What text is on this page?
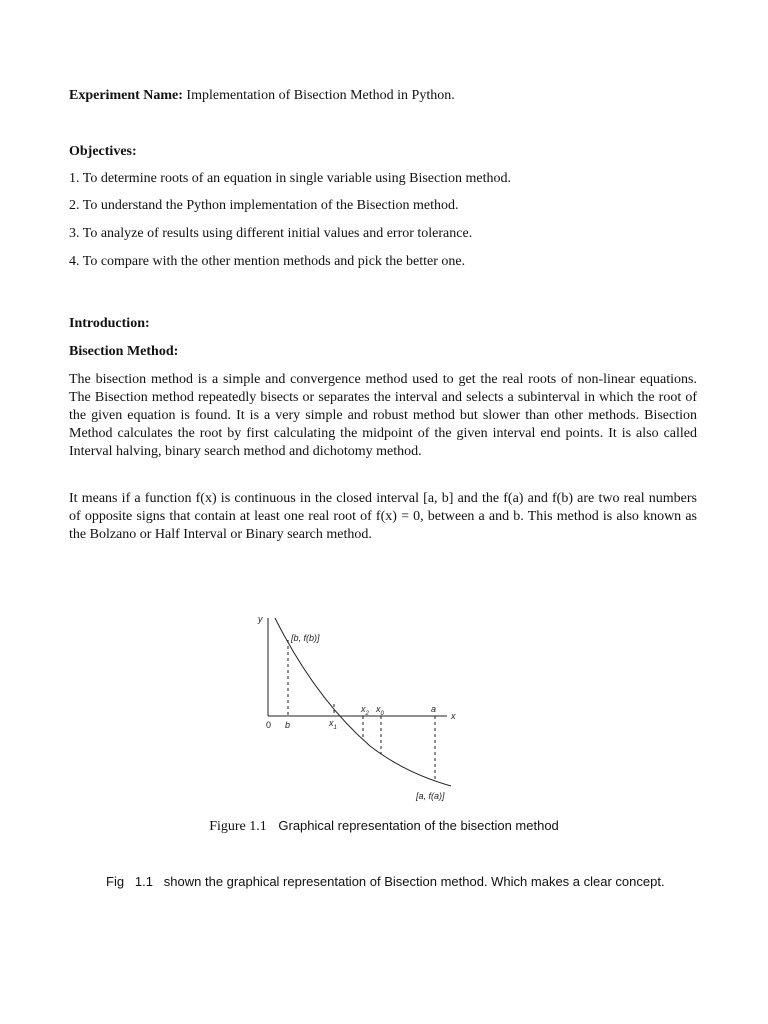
Experiment Name: Implementation of Bisection Method in Python.
Objectives:
1. To determine roots of an equation in single variable using Bisection method.
2. To understand the Python implementation of the Bisection method.
3. To analyze of results using different initial values and error tolerance.
4. To compare with the other mention methods and pick the better one.
Introduction:
Bisection Method:
The bisection method is a simple and convergence method used to get the real roots of non-linear equations. The Bisection method repeatedly bisects or separates the interval and selects a subinterval in which the root of the given equation is found. It is a very simple and robust method but slower than other methods. Bisection Method calculates the root by first calculating the midpoint of the given interval end points. It is also called Interval halving, binary search method and dichotomy method.
It means if a function f(x) is continuous in the closed interval [a, b] and the f(a) and f(b) are two real numbers of opposite signs that contain at least one real root of f(x) = 0, between a and b. This method is also known as the Bolzano or Half Interval or Binary search method.
y
x
0 b
a
$x_1$
$x_2$ $x_0$
[b, f(b)]
[a, f(a)]
Figure 1.1 Graphical representation of the bisection method
Fig   1.1   shown the graphical representation of Bisection method. Which makes a clear concept.
